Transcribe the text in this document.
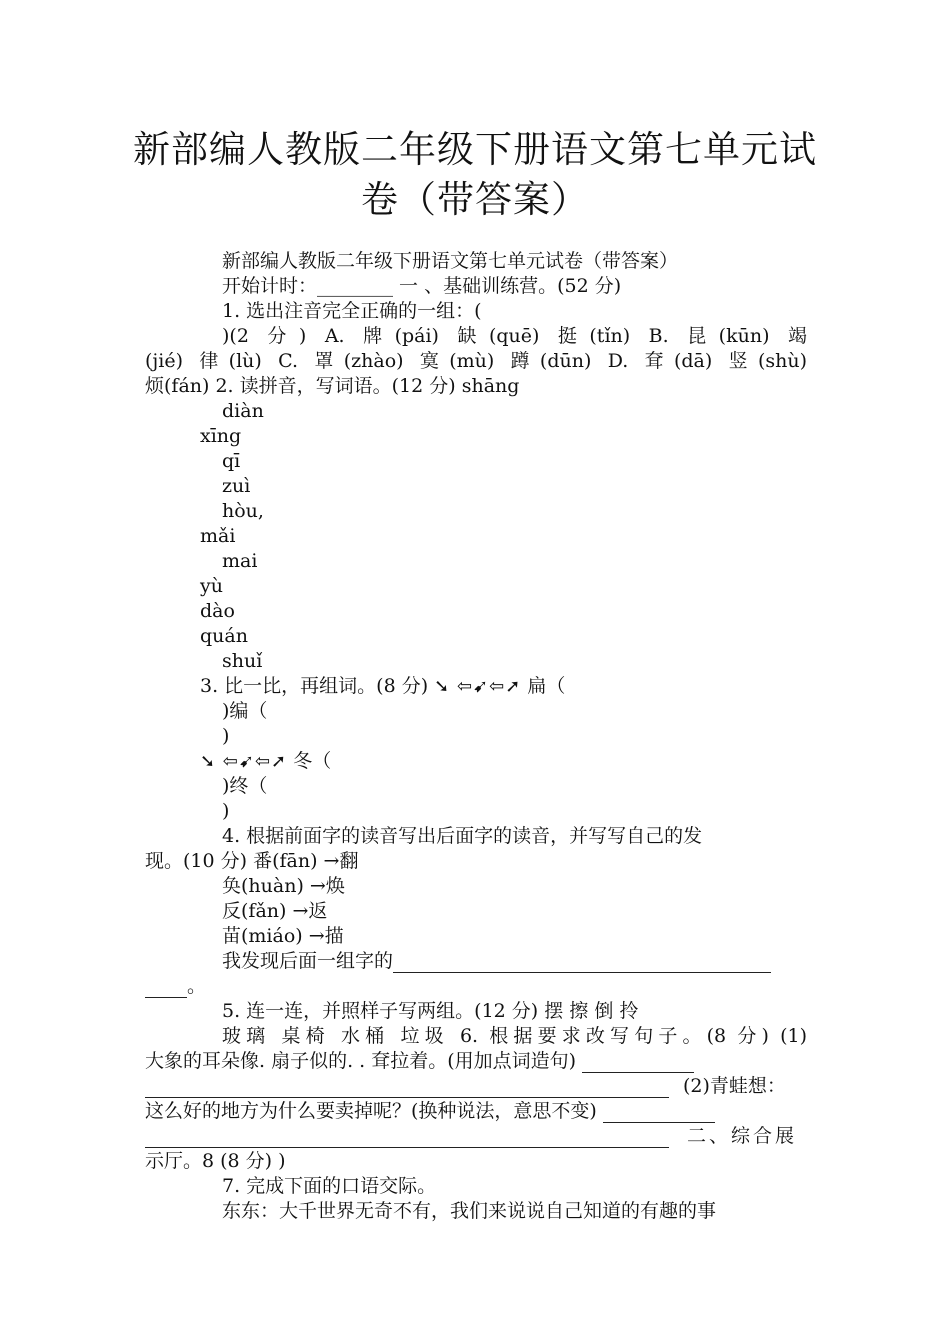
新部编人教版二年级下册语文第七单元试
卷（带答案）
新部编人教版二年级下册语文第七单元试卷（带答案）
开始计时：________ 一 、基础训练营。(52 分)
1. 选出注音完全正确的一组：(
)(2 分) A. 牌(pái) 缺(quē) 挺(tǐn) B. 昆(kūn) 竭
(jié) 律(lù) C. 罩(zhào) 寞(mù) 蹲(dūn) D. 耷(dā) 竖(shù)
烦(fán) 2. 读拼音，写词语。(12 分) shāng
diàn
xīng
qī
zuì
hòu,
mǎi
mai
yù
dào
quán
shuǐ
3. 比一比，再组词。(8 分) ➘ ⇦➹⇦➚ 扁（
)编（
)
➘ ⇦➹⇦➚ 冬（
)终（
)
4. 根据前面字的读音写出后面字的读音，并写写自己的发
现。(10 分) 番(fān) →翻
奂(huàn) →焕
反(fǎn) →返
苗(miáo) →描
我发现后面一组字的
。
5. 连一连，并照样子写两组。(12 分) 摆 擦 倒 拎
玻璃 桌椅 水桶 垃圾 6. 根据要求改写句子。(8 分) (1)
大象的耳朵像. 扇子似的. . 耷拉着。(用加点词造句)
(2)青蛙想：
这么好的地方为什么要卖掉呢？(换种说法，意思不变)
二、综合展
示厅。8 (8 分) )
7. 完成下面的口语交际。
东东：大千世界无奇不有，我们来说说自己知道的有趣的事
